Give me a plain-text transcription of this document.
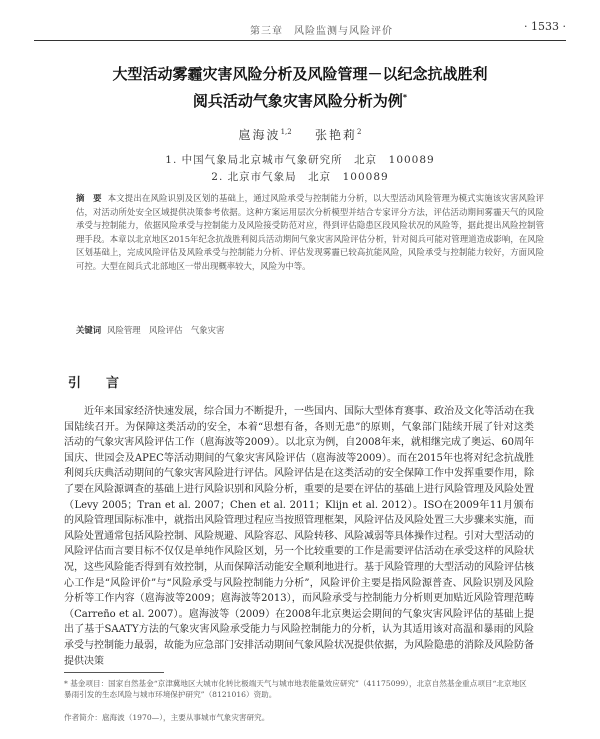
第三章　风险监测与风险评价	· 1533 ·
大型活动雾霾灾害风险分析及风险管理－以纪念抗战胜利
阅兵活动气象灾害风险分析为例*
扈海波$^{1,2}$ 张艳莉$^2$
1. 中国气象局北京城市气象研究所　北京　100089
2. 北京市气象局　北京　100089
摘　要 本文提出在风险识别及区划的基础上，通过风险承受与控制能力分析，以大型活动风险管理为模式实施该灾害风险评估，对活动所处安全区域提供决策参考依据。这种方案运用层次分析模型并结合专家评分方法，评估活动期间雾霾天气的风险承受与控制能力，依据风险承受与控制能力及风险接受防范对应，得到评估隐患区段风险状况的风险等，据此提出风险控制管理手段。本章以北京地区2015年纪念抗战胜利阅兵活动期间气象灾害风险评估分析，针对阅兵可能对管理道造成影响，在风险区划基础上，完成风险评估及风险承受与控制能力分析、评估发现雾霾已较高抗能风险，风险承受与控制能力较好，方面风险可控。大型在阅兵式北部地区一带出现概率较大，风险为中等。
关键词 风险管理　风险评估　气象灾害
引　言
近年来国家经济快速发展，综合国力不断提升，一些国内、国际大型体育赛事、政治及文化等活动在我国陆续召开。为保障这类活动的安全，本着“思想有备，各则无患”的原则，气象部门陆续开展了针对这类活动的气象灾害风险评估工作（扈海波等2009）。以北京为例，自2008年来，就相继完成了奥运、60周年国庆、世园会及APEC等活动期间的气象灾害风险评估（扈海波等2009）。而在2015年也将对纪念抗战胜利阅兵庆典活动期间的气象灾害风险进行评估。风险评估是在这类活动的安全保障工作中发挥重要作用，除了要在风险源调查的基础上进行风险识别和风险分析，重要的是要在评估的基础上进行风险管理及风险处置（Levy 2005；Tran et al. 2007；Chen et al. 2011；Klijn et al. 2012）。ISO在2009年11月颁布的风险管理国际标准中，就指出风险管理过程应当按照管理框架，风险评估及风险处置三大步骤来实施，而风险处置通常包括风险控制、风险规避、风险容忍、风险转移、风险减弱等具体操作过程。引对大型活动的风险评估而言要目标不仅仅是单纯作风险区划，另一个比较重要的工作是需要评估活动在承受这样的风险状况，这些风险能否得到有效控制，从而保障活动能安全顺利地进行。基于风险管理的大型活动的风险评估核心工作是“风险评价”与“风险承受与风险控制能力分析”，风险评价主要是指风险源普查、风险识别及风险分析等工作内容（扈海波等2009；扈海波等2013），而风险承受与控制能力分析则更加贴近风险管理范畴（Carreño et al. 2007）。扈海波等（2009）在2008年北京奥运会期间的气象灾害风险评估的基础上提出了基于SAATY方法的气象灾害风险承受能力与风险控制能力的分析，认为其适用该对高温和暴雨的风险承受与控制能力最弱，故能为应急部门安排活动期间气象风险状况提供依据，为风险隐患的消除及风险防备提供决策
* 基金项目：国家自然基金“京津冀地区大城市化转比极端天气与城市地表能量效应研究”（41175099），北京自然基金重点项目“北京地区暴雨引发的生态风险与城市环境保护研究”（8121016）资助。
作者简介：扈海波（1970—），主要从事城市气象灾害研究。
